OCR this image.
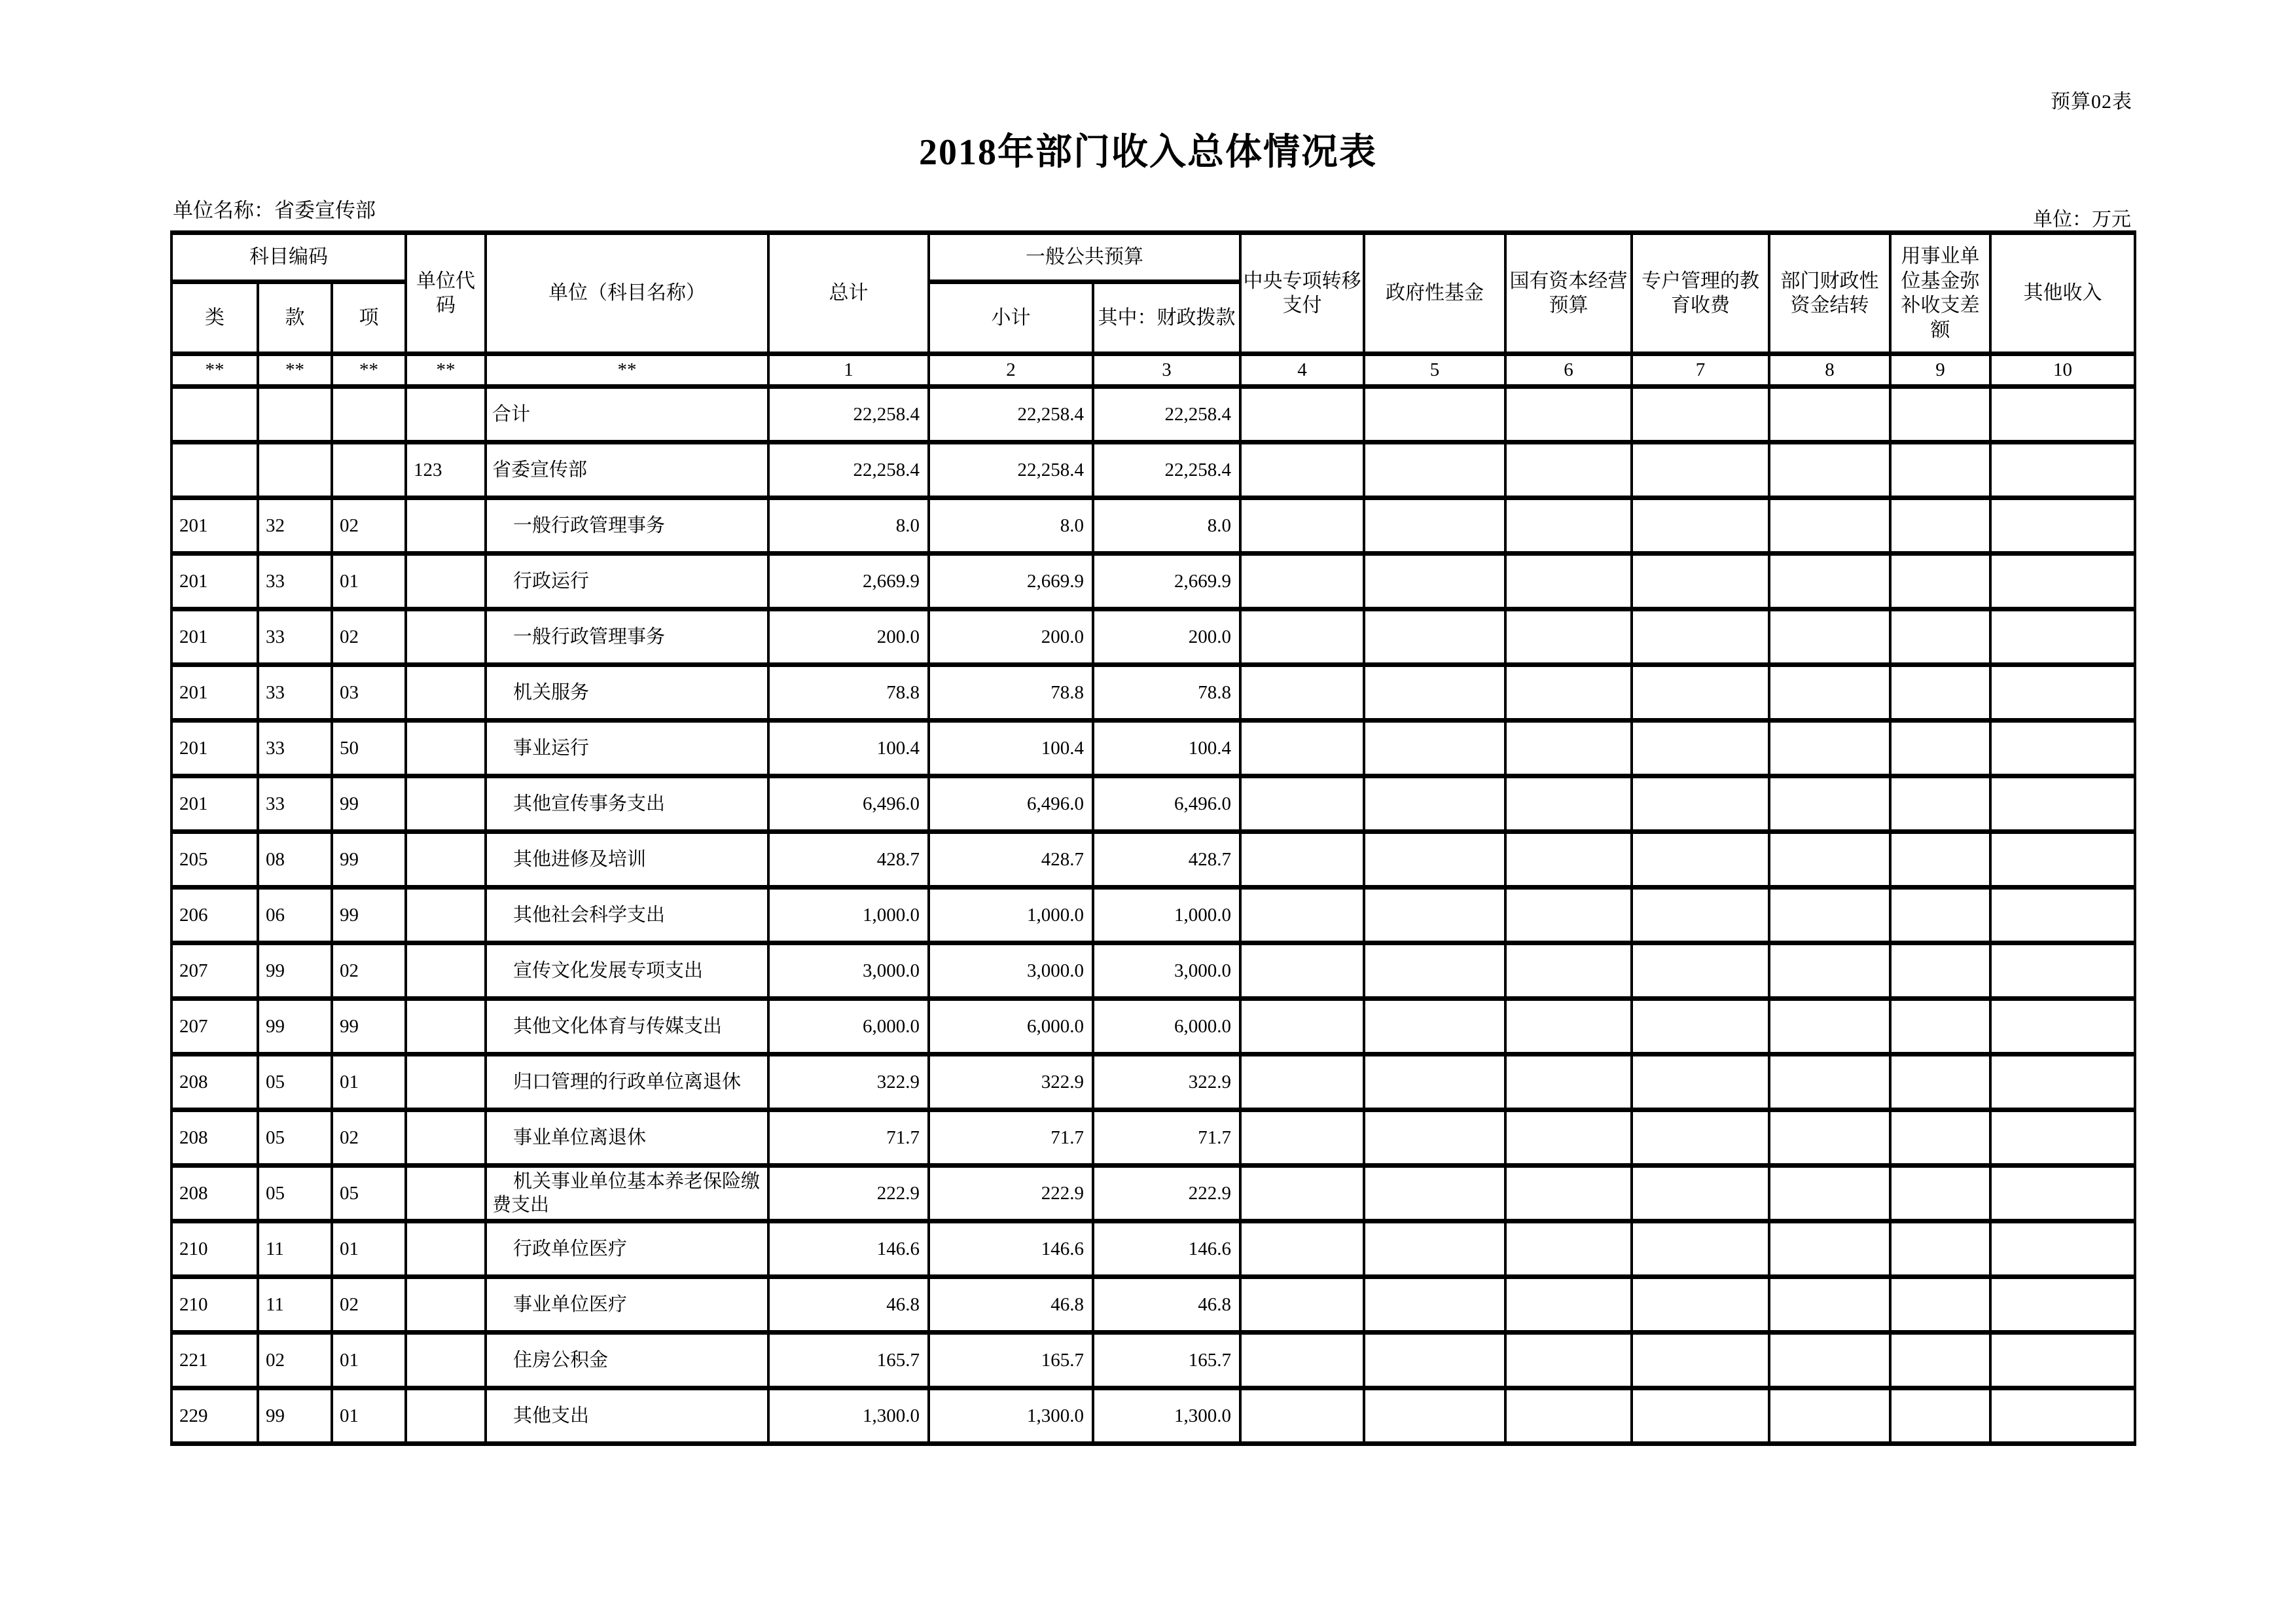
预算02表
2018年部门收入总体情况表
单位名称：省委宣传部	单位：万元
科目编码			单位代码	单位（科目名称）	总计	一般公共预算		中央专项转移支付	政府性基金	国有资本经营预算	专户管理的教育收费	部门财政性资金结转	用事业单位基金弥补收支差额	其他收入
类	款	项				小计	其中：财政拨款							
**	**	**	**	**	1	2	3	4	5	6	7	8	9	10
				合计	22,258.4	22,258.4	22,258.4							
			123	省委宣传部	22,258.4	22,258.4	22,258.4							
201	32	02		一般行政管理事务	8.0	8.0	8.0							
201	33	01		行政运行	2,669.9	2,669.9	2,669.9							
201	33	02		一般行政管理事务	200.0	200.0	200.0							
201	33	03		机关服务	78.8	78.8	78.8							
201	33	50		事业运行	100.4	100.4	100.4							
201	33	99		其他宣传事务支出	6,496.0	6,496.0	6,496.0							
205	08	99		其他进修及培训	428.7	428.7	428.7							
206	06	99		其他社会科学支出	1,000.0	1,000.0	1,000.0							
207	99	02		宣传文化发展专项支出	3,000.0	3,000.0	3,000.0							
207	99	99		其他文化体育与传媒支出	6,000.0	6,000.0	6,000.0							
208	05	01		归口管理的行政单位离退休	322.9	322.9	322.9							
208	05	02		事业单位离退休	71.7	71.7	71.7							
208	05	05		机关事业单位基本养老保险缴费支出	222.9	222.9	222.9							
210	11	01		行政单位医疗	146.6	146.6	146.6							
210	11	02		事业单位医疗	46.8	46.8	46.8							
221	02	01		住房公积金	165.7	165.7	165.7							
229	99	01		其他支出	1,300.0	1,300.0	1,300.0							
